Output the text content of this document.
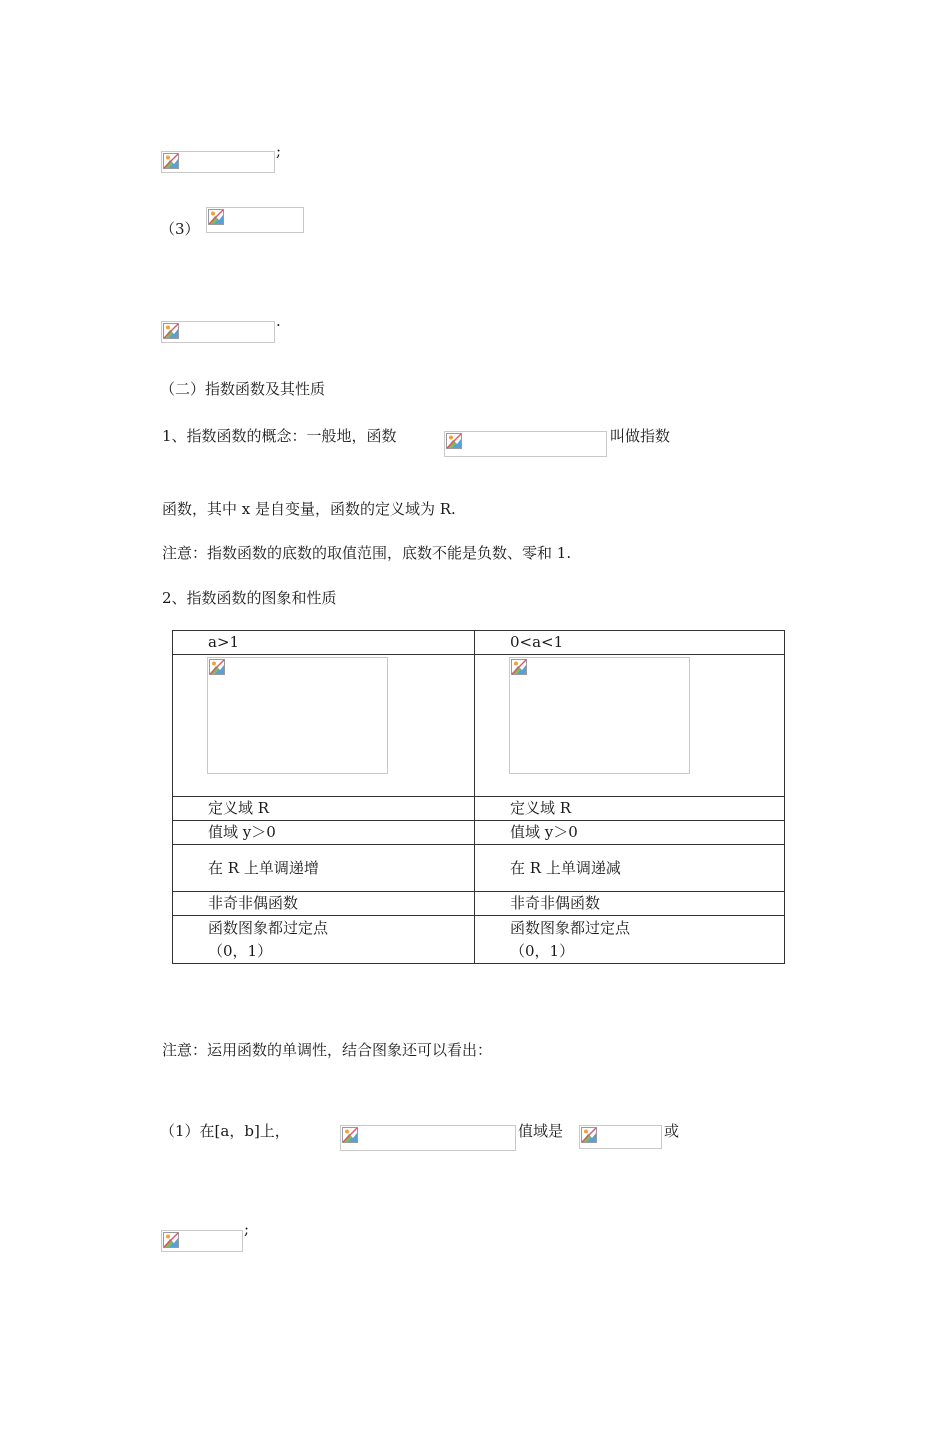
;
（3）
.
（二）指数函数及其性质
1、指数函数的概念：一般地，函数	叫做指数
函数，其中 x 是自变量，函数的定义域为 R.
注意：指数函数的底数的取值范围，底数不能是负数、零和 1.
2、指数函数的图象和性质
a>1	0<a<1

定义域 R	定义域 R
值域 y＞0	值域 y＞0

在 R 上单调递增	在 R 上单调递减
非奇非偶函数	非奇非偶函数

函数图象都过定点（0，1）	函数图象都过定点（0，1）
注意：运用函数的单调性，结合图象还可以看出：
（1）在[a，b]上，	值域是	或
;
